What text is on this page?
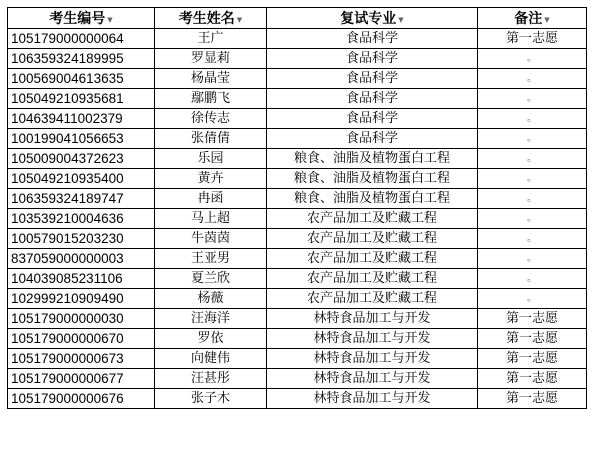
考生编号 ▼	考生姓名 ▼	复试专业 ▼	备注 ▼
105179000000064	王广	食品科学	第一志愿
106359324189995	罗显莉	食品科学	。
100569004613635	杨晶莹	食品科学	。
105049210935681	鄢鹏飞	食品科学	。
104639411002379	徐传志	食品科学	。
100199041056653	张倩倩	食品科学	。
105009004372623	乐园	粮食、油脂及植物蛋白工程	。
105049210935400	黄卉	粮食、油脂及植物蛋白工程	。
106359324189747	冉函	粮食、油脂及植物蛋白工程	。
103539210004636	马上超	农产品加工及贮藏工程	。
100579015203230	牛茵茵	农产品加工及贮藏工程	。
837059000000003	王亚男	农产品加工及贮藏工程	。
104039085231106	夏兰欣	农产品加工及贮藏工程	。
102999210909490	杨薇	农产品加工及贮藏工程	。
105179000000030	汪海洋	林特食品加工与开发	第一志愿
105179000000670	罗依	林特食品加工与开发	第一志愿
105179000000673	向健伟	林特食品加工与开发	第一志愿
105179000000677	汪甚彤	林特食品加工与开发	第一志愿
105179000000676	张子木	林特食品加工与开发	第一志愿
